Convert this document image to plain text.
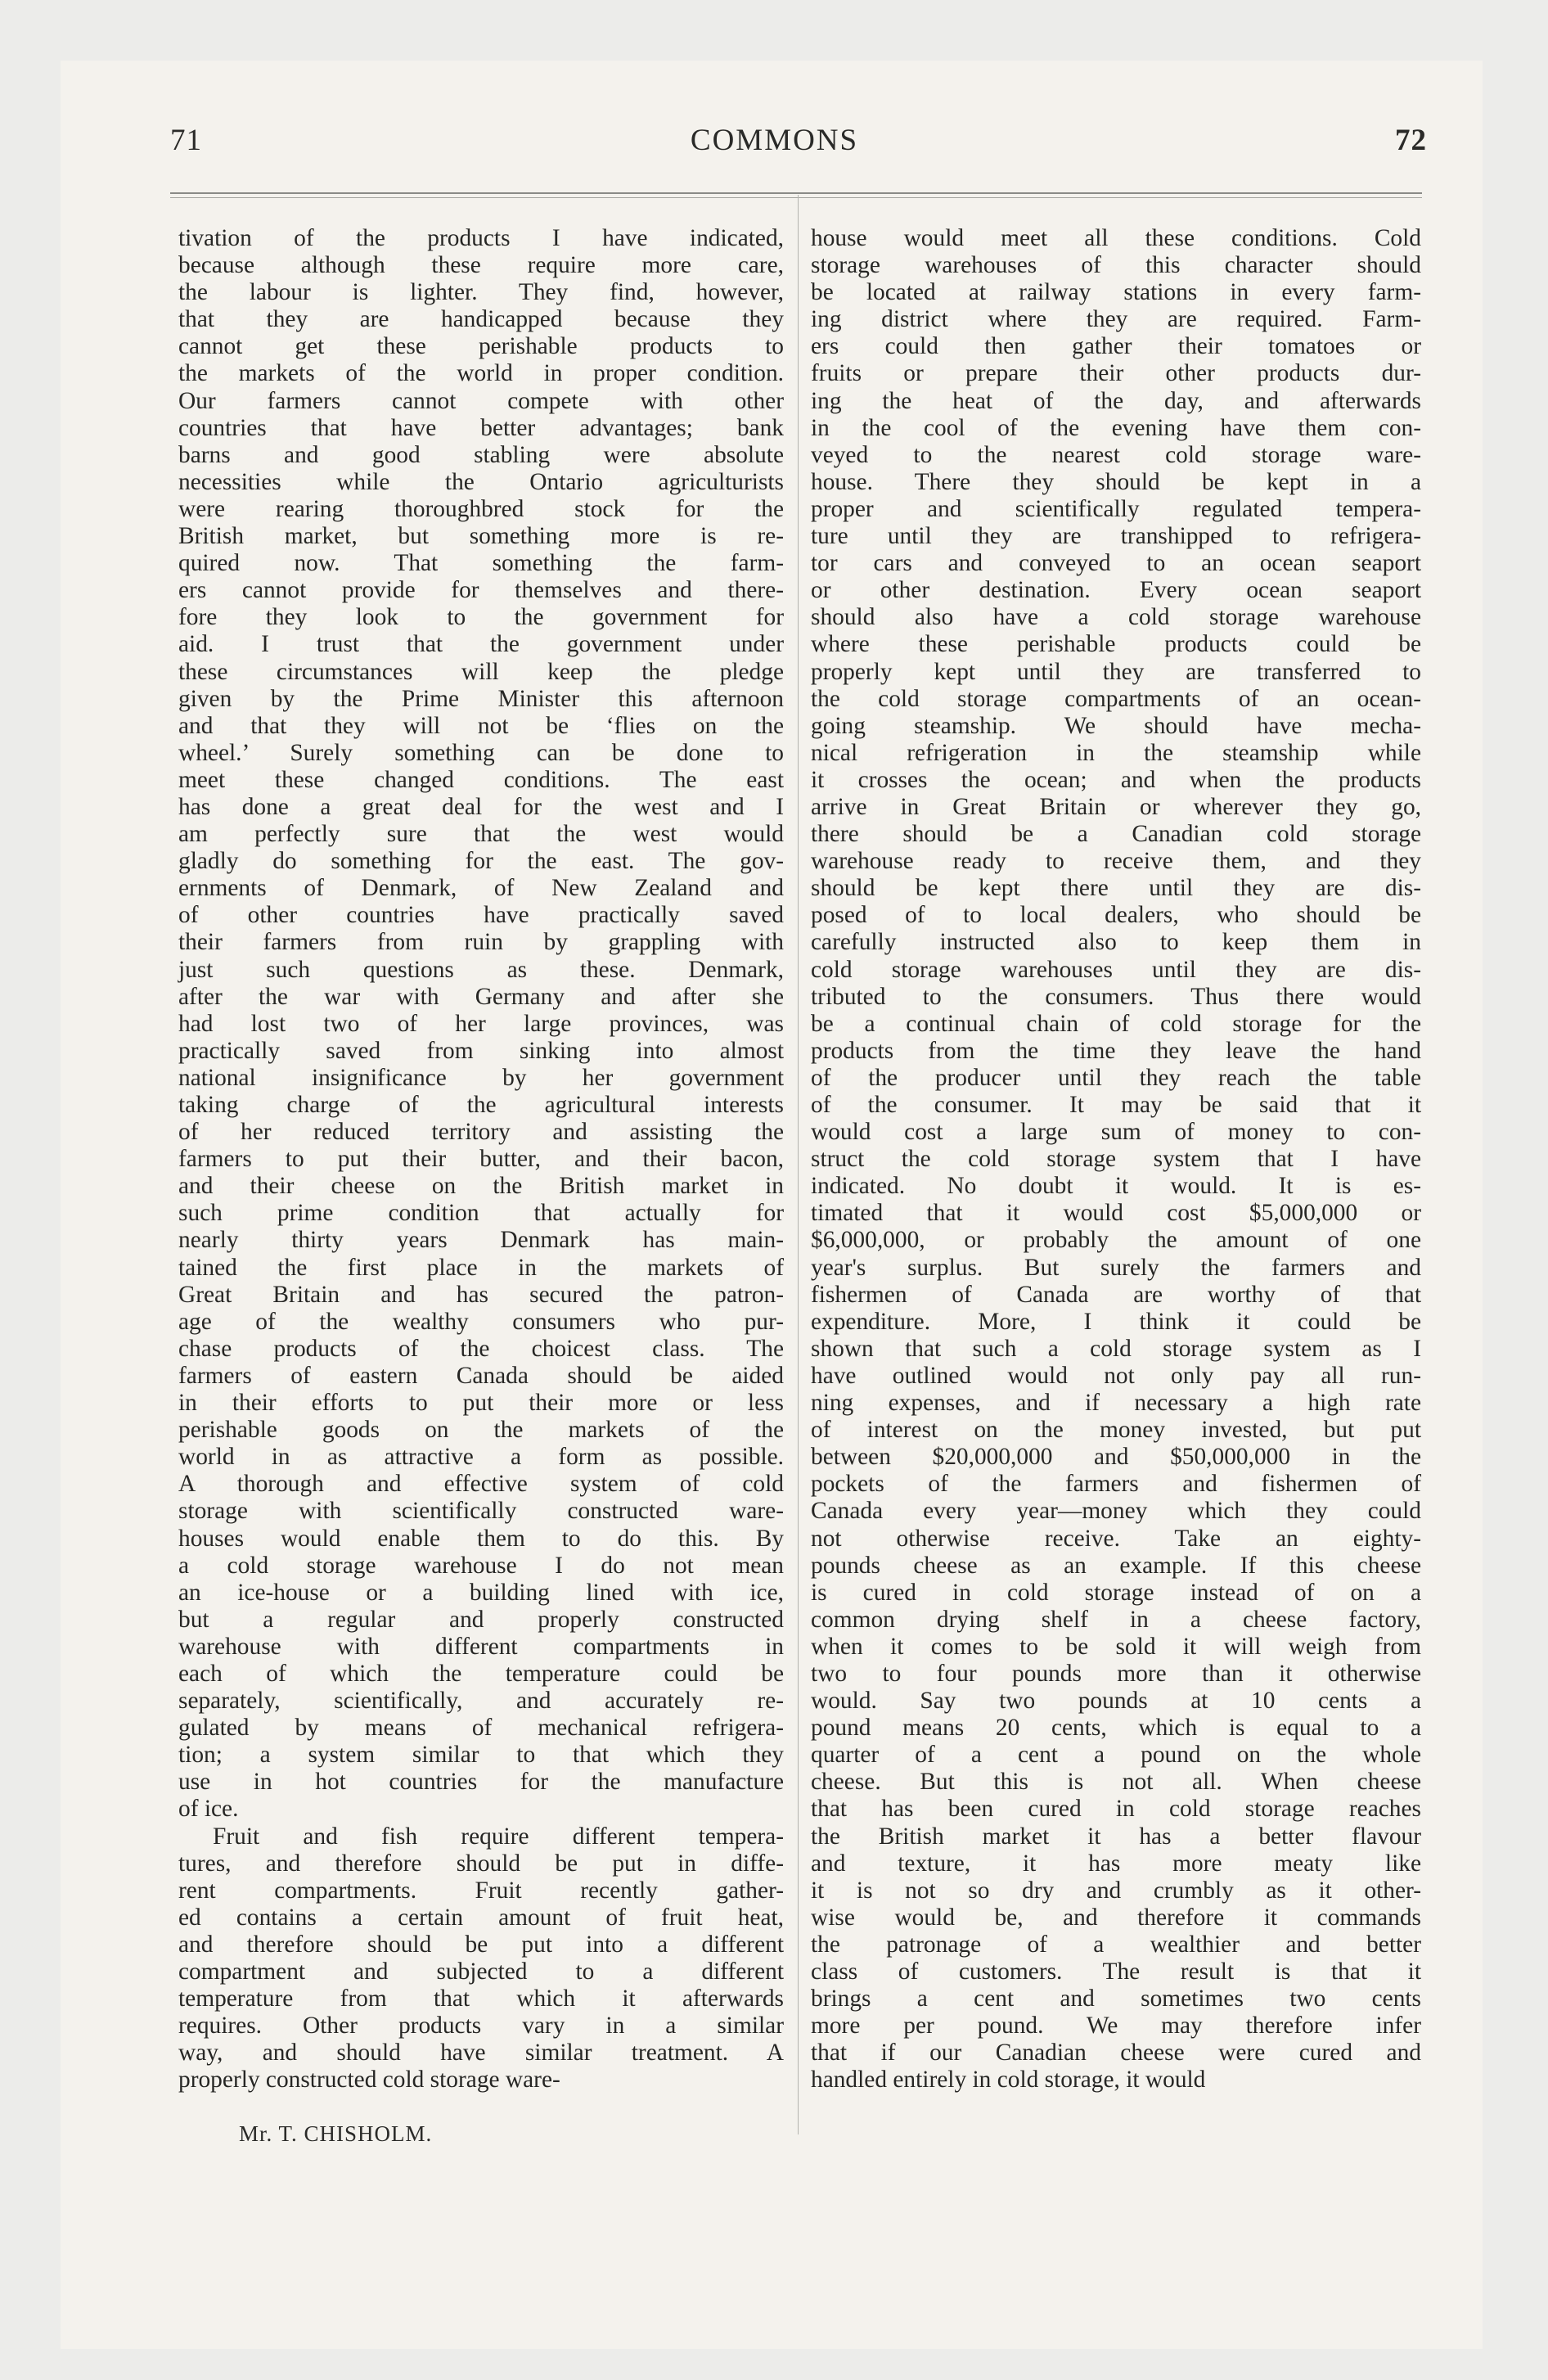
71	COMMONS	72
tivation of the products I have indicated,
because although these require more care,
the labour is lighter. They find, however,
that they are handicapped because they
cannot get these perishable products to
the markets of the world in proper condition.
Our farmers cannot compete with other
countries that have better advantages; bank
barns and good stabling were absolute
necessities while the Ontario agriculturists
were rearing thoroughbred stock for the
British market, but something more is re-
quired now. That something the farm-
ers cannot provide for themselves and there-
fore they look to the government for
aid. I trust that the government under
these circumstances will keep the pledge
given by the Prime Minister this afternoon
and that they will not be ‘flies on the
wheel.’ Surely something can be done to
meet these changed conditions. The east
has done a great deal for the west and I
am perfectly sure that the west would
gladly do something for the east. The gov-
ernments of Denmark, of New Zealand and
of other countries have practically saved
their farmers from ruin by grappling with
just such questions as these. Denmark,
after the war with Germany and after she
had lost two of her large provinces, was
practically saved from sinking into almost
national insignificance by her government
taking charge of the agricultural interests
of her reduced territory and assisting the
farmers to put their butter, and their bacon,
and their cheese on the British market in
such prime condition that actually for
nearly thirty years Denmark has main-
tained the first place in the markets of
Great Britain and has secured the patron-
age of the wealthy consumers who pur-
chase products of the choicest class. The
farmers of eastern Canada should be aided
in their efforts to put their more or less
perishable goods on the markets of the
world in as attractive a form as possible.
A thorough and effective system of cold
storage with scientifically constructed ware-
houses would enable them to do this. By
a cold storage warehouse I do not mean
an ice-house or a building lined with ice,
but a regular and properly constructed
warehouse with different compartments in
each of which the temperature could be
separately, scientifically, and accurately re-
gulated by means of mechanical refrigera-
tion; a system similar to that which they
use in hot countries for the manufacture
of ice.
Fruit and fish require different tempera-
tures, and therefore should be put in diffe-
rent compartments. Fruit recently gather-
ed contains a certain amount of fruit heat,
and therefore should be put into a different
compartment and subjected to a different
temperature from that which it afterwards
requires. Other products vary in a similar
way, and should have similar treatment. A
properly constructed cold storage ware-
house would meet all these conditions. Cold
storage warehouses of this character should
be located at railway stations in every farm-
ing district where they are required. Farm-
ers could then gather their tomatoes or
fruits or prepare their other products dur-
ing the heat of the day, and afterwards
in the cool of the evening have them con-
veyed to the nearest cold storage ware-
house. There they should be kept in a
proper and scientifically regulated tempera-
ture until they are transhipped to refrigera-
tor cars and conveyed to an ocean seaport
or other destination. Every ocean seaport
should also have a cold storage warehouse
where these perishable products could be
properly kept until they are transferred to
the cold storage compartments of an ocean-
going steamship. We should have mecha-
nical refrigeration in the steamship while
it crosses the ocean; and when the products
arrive in Great Britain or wherever they go,
there should be a Canadian cold storage
warehouse ready to receive them, and they
should be kept there until they are dis-
posed of to local dealers, who should be
carefully instructed also to keep them in
cold storage warehouses until they are dis-
tributed to the consumers. Thus there would
be a continual chain of cold storage for the
products from the time they leave the hand
of the producer until they reach the table
of the consumer. It may be said that it
would cost a large sum of money to con-
struct the cold storage system that I have
indicated. No doubt it would. It is es-
timated that it would cost $5,000,000 or
$6,000,000, or probably the amount of one
year's surplus. But surely the farmers and
fishermen of Canada are worthy of that
expenditure. More, I think it could be
shown that such a cold storage system as I
have outlined would not only pay all run-
ning expenses, and if necessary a high rate
of interest on the money invested, but put
between $20,000,000 and $50,000,000 in the
pockets of the farmers and fishermen of
Canada every year—money which they could
not otherwise receive. Take an eighty-
pounds cheese as an example. If this cheese
is cured in cold storage instead of on a
common drying shelf in a cheese factory,
when it comes to be sold it will weigh from
two to four pounds more than it otherwise
would. Say two pounds at 10 cents a
pound means 20 cents, which is equal to a
quarter of a cent a pound on the whole
cheese. But this is not all. When cheese
that has been cured in cold storage reaches
the British market it has a better flavour
and texture, it has more meaty like
it is not so dry and crumbly as it other-
wise would be, and therefore it commands
the patronage of a wealthier and better
class of customers. The result is that it
brings a cent and sometimes two cents
more per pound. We may therefore infer
that if our Canadian cheese were cured and
handled entirely in cold storage, it would
Mr. T. CHISHOLM.
